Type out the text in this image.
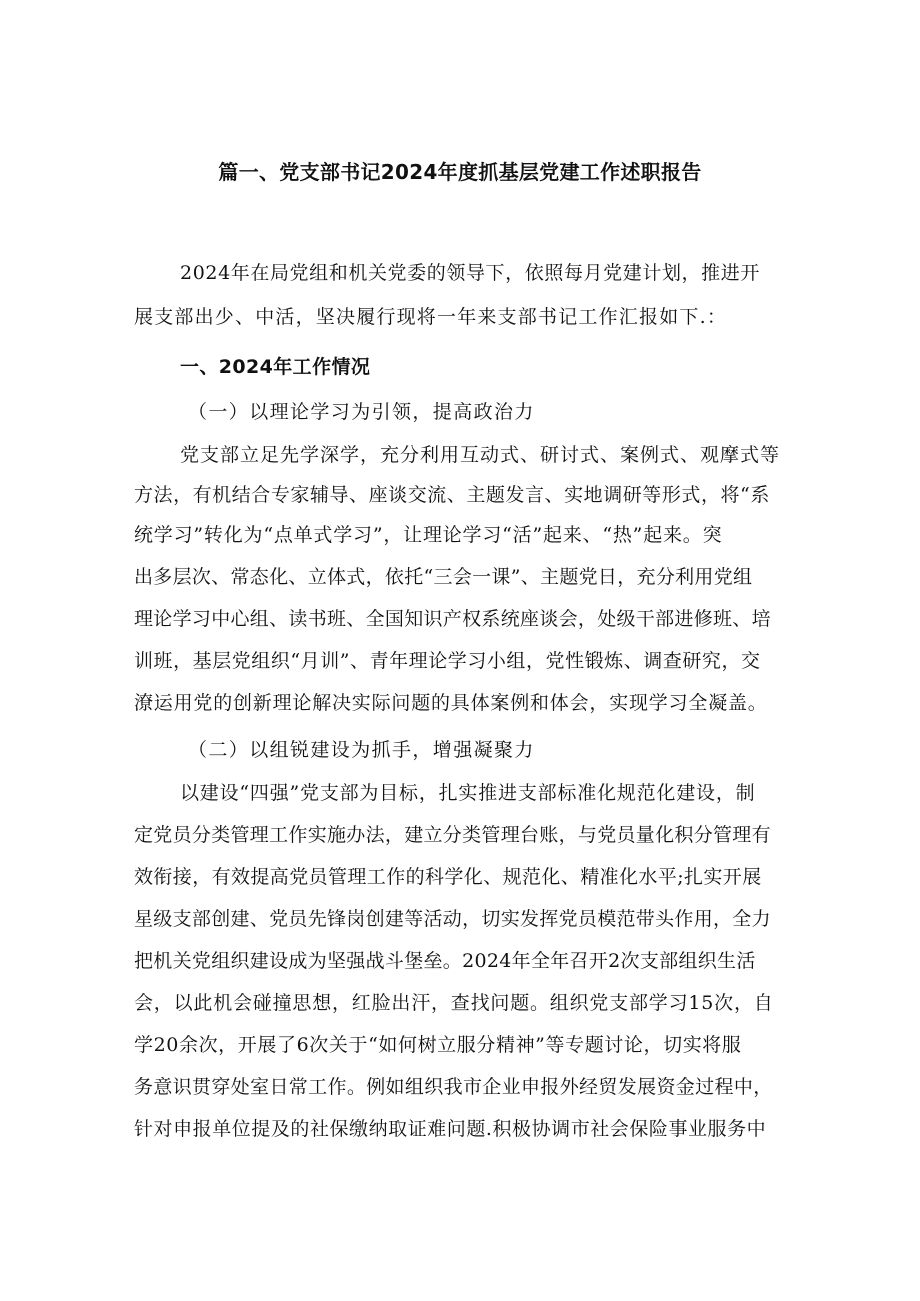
篇一、党支部书记2024年度抓基层党建工作述职报告
2024年在局党组和机关党委的领导下，依照每月党建计划，推进开
展支部出少、中活，坚决履行现将一年来支部书记工作汇报如下.：
一、2024年工作情况
（一）以理论学习为引领，提高政治力
党支部立足先学深学，充分利用互动式、研讨式、案例式、观摩式等
方法，有机结合专家辅导、座谈交流、主题发言、实地调研等形式，将“系
统学习”转化为“点单式学习”，让理论学习“活”起来、“热”起来。突
出多层次、常态化、立体式，依托“三会一课”、主题党日，充分利用党组
理论学习中心组、读书班、全国知识产权系统座谈会，处级干部进修班、培
训班，基层党组织“月训”、青年理论学习小组，党性锻炼、调查研究，交
潦运用党的创新理论解决实际问题的具体案例和体会，实现学习全凝盖。
（二）以组锐建设为抓手，增强凝聚力
以建设“四强”党支部为目标，扎实推进支部标准化规范化建设，制
定党员分类管理工作实施办法，建立分类管理台账，与党员量化积分管理有
效衔接，有效提高党员管理工作的科学化、规范化、精准化水平;扎实开展
星级支部创建、党员先锋岗创建等活动，切实发挥党员模范带头作用，全力
把机关党组织建设成为坚强战斗堡垒。2024年全年召开2次支部组织生活
会，以此机会碰撞思想，红脸出汗，查找问题。组织党支部学习15次，自
学20余次，开展了6次关于“如何树立服分精神”等专题讨论，切实将服
务意识贯穿处室日常工作。例如组织我市企业申报外经贸发展资金过程中，
针对申报单位提及的社保缴纳取证难问题.积极协调市社会保险事业服务中
